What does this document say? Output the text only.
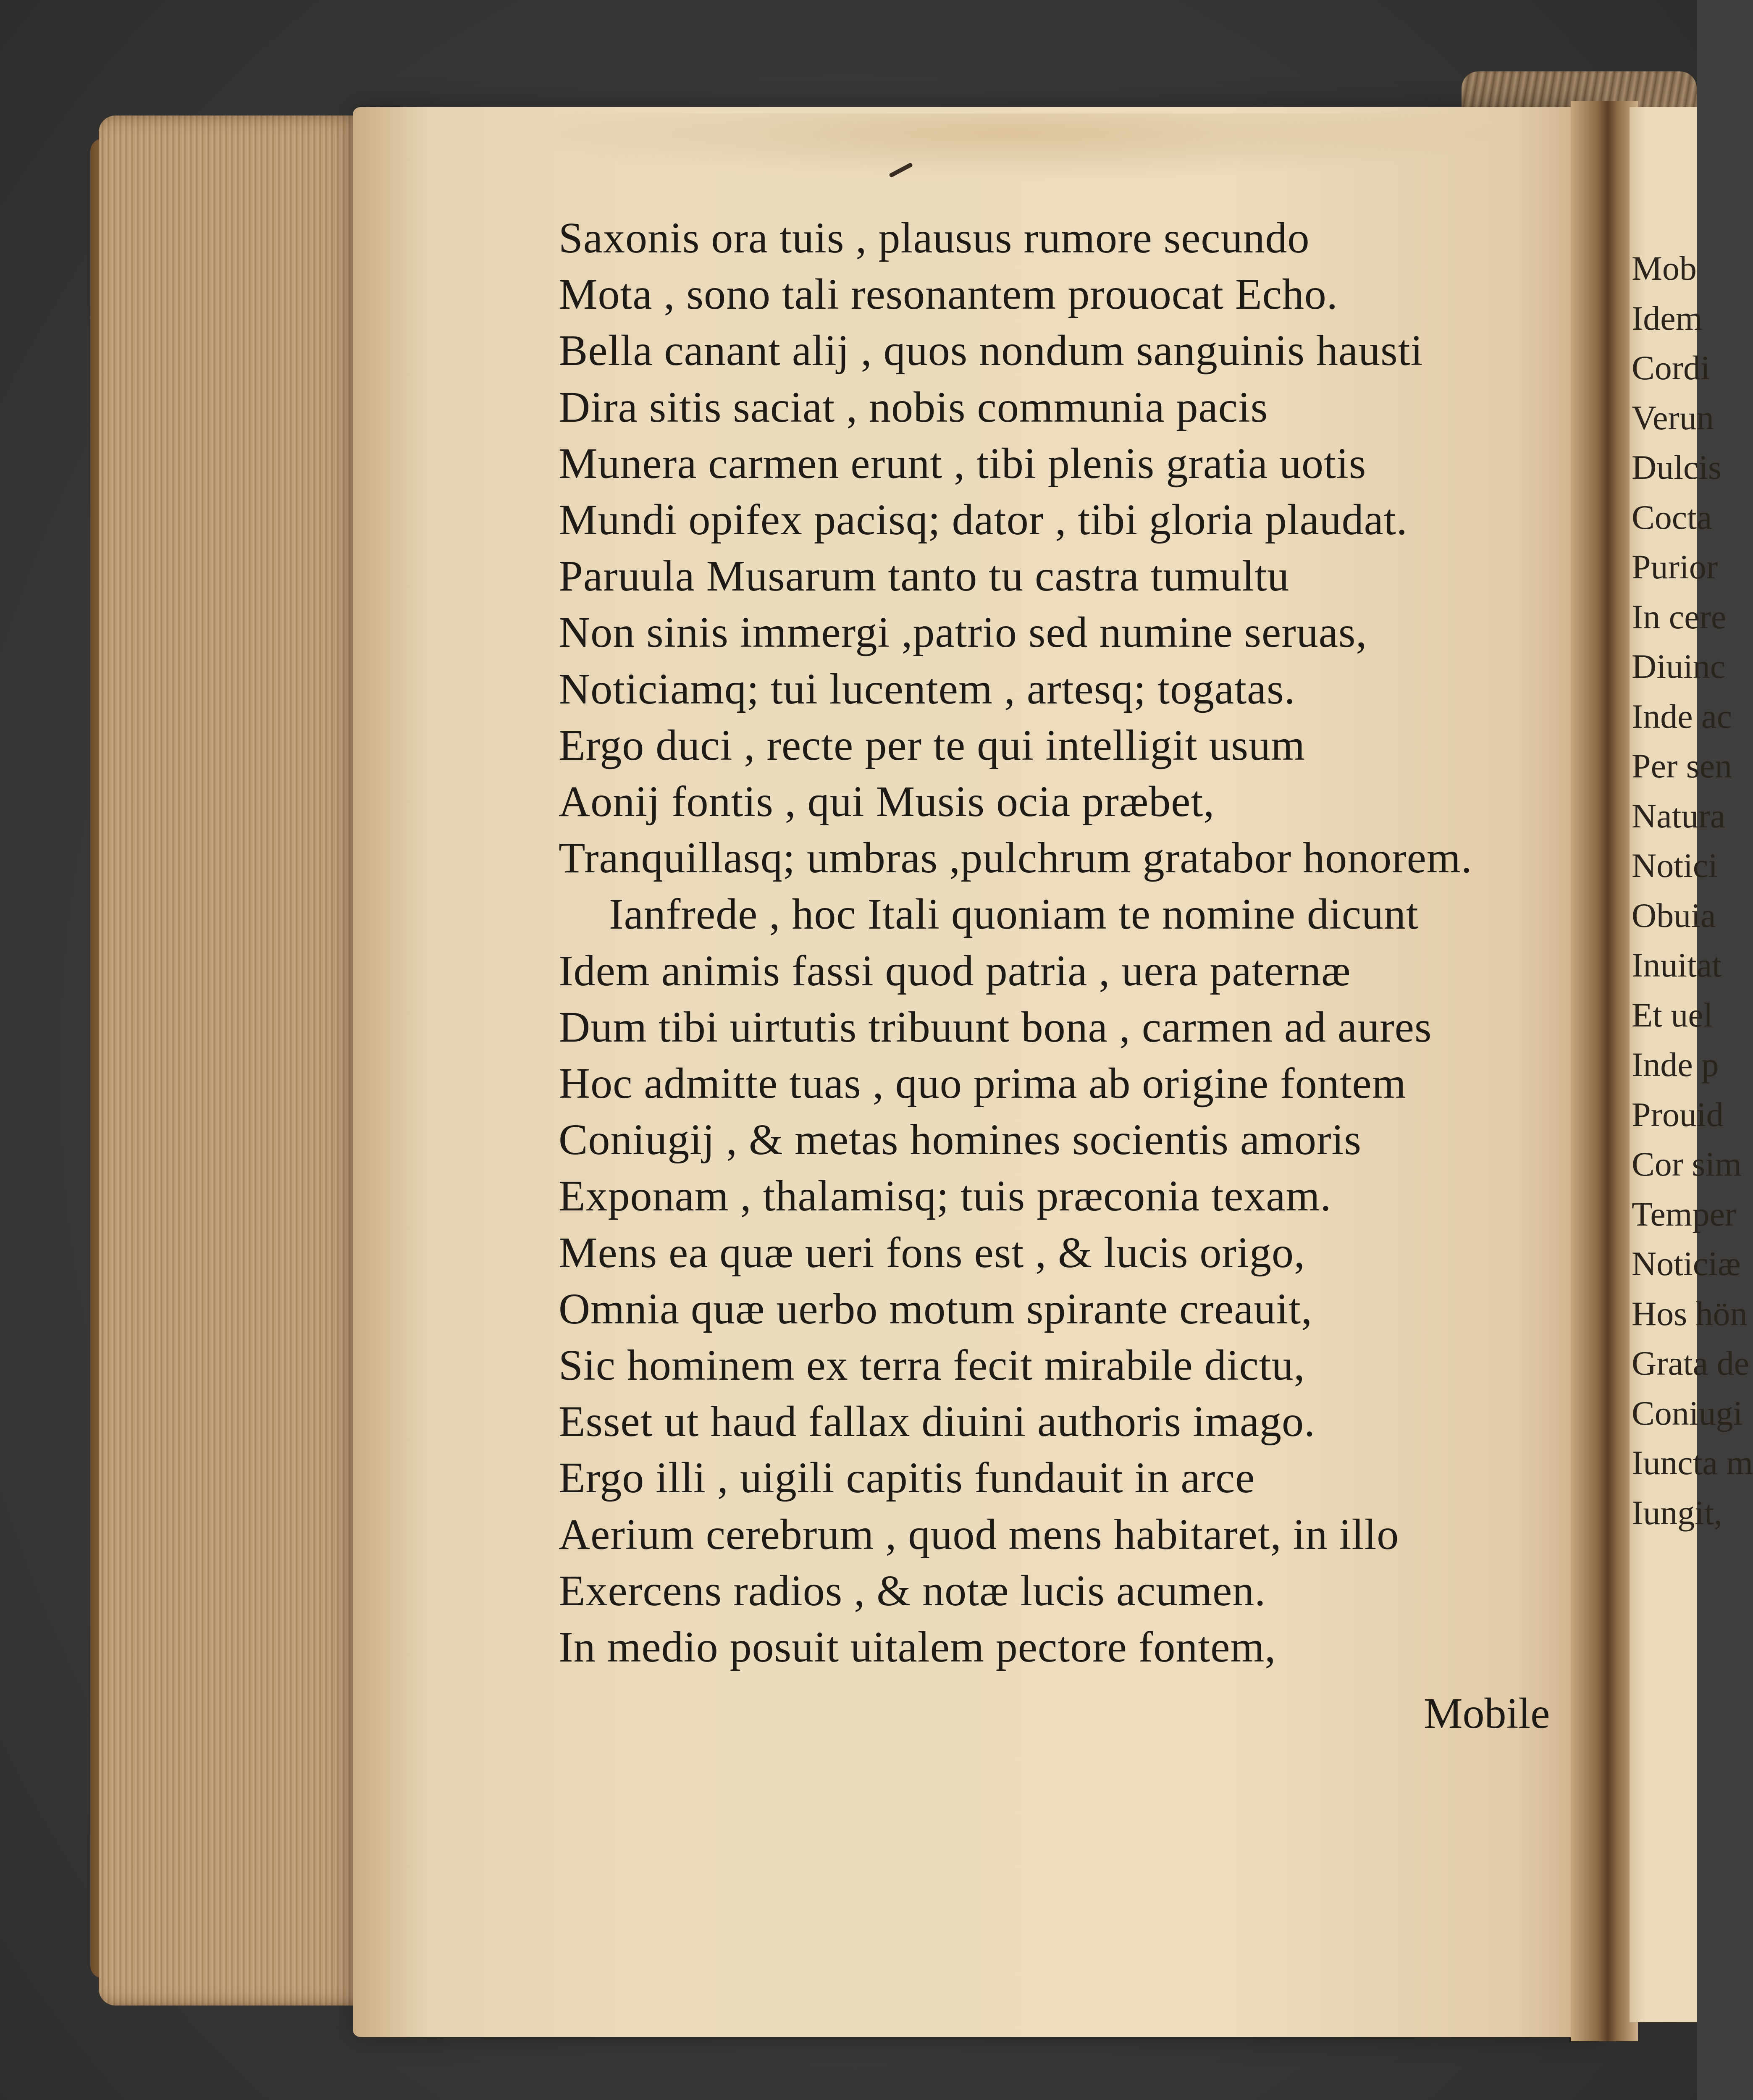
Saxonis ora tuis , plausus rumore secundo
Mota , sono tali resonantem prouocat Echo.
Bella canant alij , quos nondum sanguinis hausti
Dira sitis saciat , nobis communia pacis
Munera carmen erunt , tibi plenis gratia uotis
Mundi opifex pacisq; dator , tibi gloria plaudat.
Paruula Musarum tanto tu castra tumultu
Non sinis immergi ,patrio sed numine seruas,
Noticiamq; tui lucentem , artesq; togatas.
Ergo duci , recte per te qui intelligit usum
Aonij fontis , qui Musis ocia præbet,
Tranquillasq; umbras ,pulchrum gratabor honorem.
Ianfrede , hoc Itali quoniam te nomine dicunt
Idem animis fassi quod patria , uera paternæ
Dum tibi uirtutis tribuunt bona , carmen ad aures
Hoc admitte tuas , quo prima ab origine fontem
Coniugij , & metas homines socientis amoris
Exponam , thalamisq; tuis præconia texam.
Mens ea quæ ueri fons est , & lucis origo,
Omnia quæ uerbo motum spirante creauit,
Sic hominem ex terra fecit mirabile dictu,
Esset ut haud fallax diuini authoris imago.
Ergo illi , uigili capitis fundauit in arce
Aerium cerebrum , quod mens habitaret, in illo
Exercens radios , & notæ lucis acumen.
In medio posuit uitalem pectore fontem,
Mobile
Mob
Idem
Cordi
Verun
Dulcis
Cocta
Purior
In cere
Diuinc
Inde ac
Per sen
Natura
Notici
Obuia
Inuitat
Et uel
Inde p
Prouid
Cor sim
Temper
Noticiæ
Hos hön
Grata de
Coniugi
Iuncta m
Iungit,
